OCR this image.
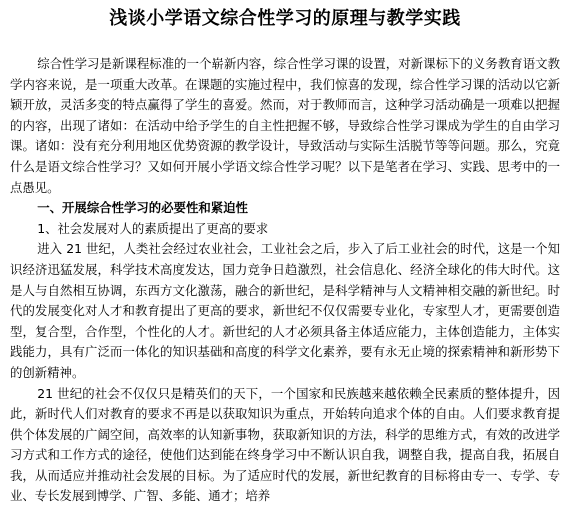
浅谈小学语文综合性学习的原理与教学实践

综合性学习是新课程标准的一个崭新内容，综合性学习课的设置，对新课标下的义务教育语文教学内容来说，是一项重大改革。在课题的实施过程中，我们惊喜的发现，综合性学习课的活动以它新颖开放，灵活多变的特点赢得了学生的喜爱。然而，对于教师而言，这种学习活动确是一项难以把握的内容，出现了诸如：在活动中给予学生的自主性把握不够，导致综合性学习课成为学生的自由学习课。诸如：没有充分利用地区优势资源的教学设计，导致活动与实际生活脱节等等问题。那么，究竟什么是语文综合性学习？又如何开展小学语文综合性学习呢？以下是笔者在学习、实践、思考中的一点愚见。

一、开展综合性学习的必要性和紧迫性

1、社会发展对人的素质提出了更高的要求

进入 21 世纪，人类社会经过农业社会，工业社会之后，步入了后工业社会的时代，这是一个知识经济迅猛发展，科学技术高度发达，国力竞争日趋激烈，社会信息化、经济全球化的伟大时代。这是人与自然相互协调，东西方文化激荡，融合的新世纪，是科学精神与人文精神相交融的新世纪。时代的发展变化对人才和教育提出了更高的要求，新世纪不仅仅需要专业化，专家型人才，更需要创造型，复合型，合作型，个性化的人才。新世纪的人才必须具备主体适应能力，主体创造能力，主体实践能力，具有广泛而一体化的知识基础和高度的科学文化素养，要有永无止境的探索精神和新形势下的创新精神。

21 世纪的社会不仅仅只是精英们的天下，一个国家和民族越来越依赖全民素质的整体提升，因此，新时代人们对教育的要求不再是以获取知识为重点，开始转向追求个体的自由。人们要求教育提供个体发展的广阔空间，高效率的认知新事物，获取新知识的方法，科学的思维方式，有效的改进学习方式和工作方式的途径，使他们达到能在终身学习中不断认识自我，调整自我，提高自我，拓展自我，从而适应并推动社会发展的目标。为了适应时代的发展，新世纪教育的目标将由专一、专学、专业、专长发展到博学、广智、多能、通才；培养
